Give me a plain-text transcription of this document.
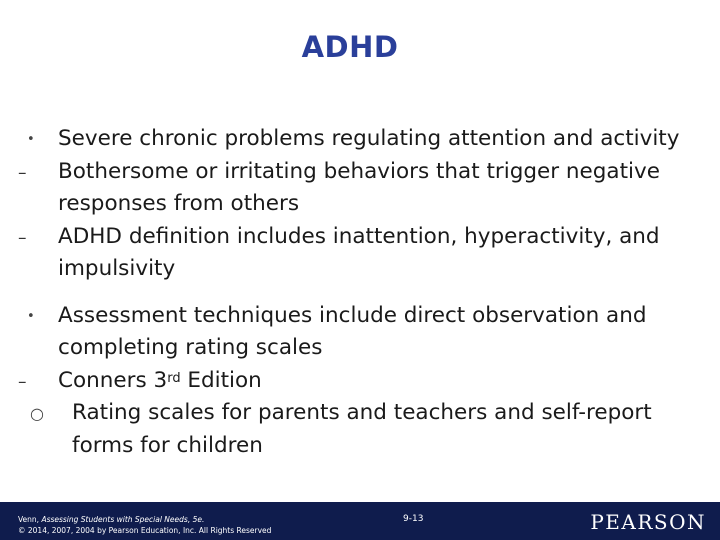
ADHD
• Severe chronic problems regulating attention and activity
– Bothersome or irritating behaviors that trigger negative responses from others
– ADHD definition includes inattention, hyperactivity, and impulsivity
• Assessment techniques include direct observation and completing rating scales
– Conners 3rd Edition
○ Rating scales for parents and teachers and self-report forms for children
Venn, Assessing Students with Special Needs, 5e.
© 2014, 2007, 2004 by Pearson Education, Inc. All Rights Reserved
9-13	PEARSON
